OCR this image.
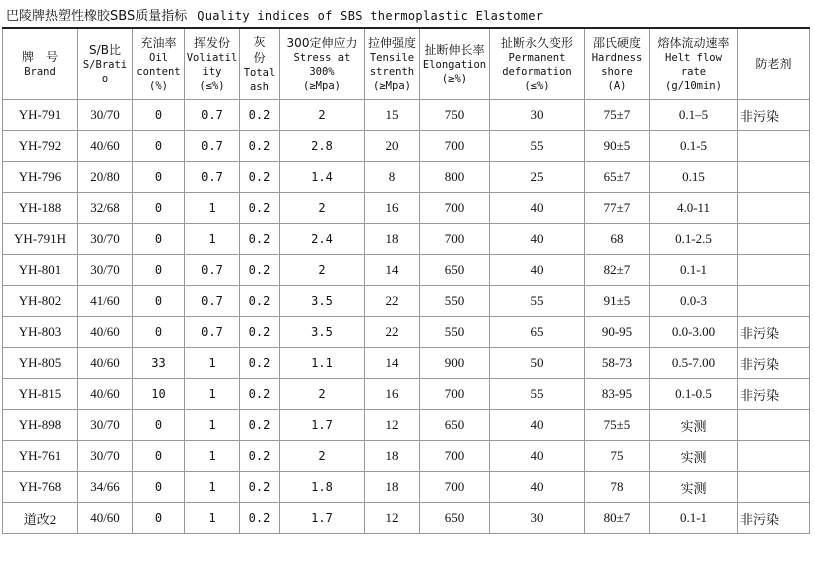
巴陵牌热塑性橡胶SBS质量指标 Quality indices of SBS thermoplastic Elastomer
牌　号
Brand	S/B比
S/Brati
o	充油率
Oil
content
(%)	挥发份
Voliatil
ity
(≤%)	灰
份
Total
ash	300定伸应力
Stress at
300%
(≥Mpa)	拉伸强度
Tensile
strenth
(≥Mpa)	扯断伸长率
Elongation
(≥%)	扯断永久变形
Permanent
deformation
(≤%)	邵氏硬度
Hardness
shore
(A)	熔体流动速率
Helt flow
rate
(g/10min)	防老剂

YH-791	30/70	0	0.7	0.2	2	15	750	30	75±7	0.1–5	非污染
YH-792	40/60	0	0.7	0.2	2.8	20	700	55	90±5	0.1-5	
YH-796	20/80	0	0.7	0.2	1.4	8	800	25	65±7	0.15	
YH-188	32/68	0	1	0.2	2	16	700	40	77±7	4.0-11	
YH-791H	30/70	0	1	0.2	2.4	18	700	40	68	0.1-2.5	
YH-801	30/70	0	0.7	0.2	2	14	650	40	82±7	0.1-1	
YH-802	41/60	0	0.7	0.2	3.5	22	550	55	91±5	0.0-3	
YH-803	40/60	0	0.7	0.2	3.5	22	550	65	90-95	0.0-3.00	非污染
YH-805	40/60	33	1	0.2	1.1	14	900	50	58-73	0.5-7.00	非污染
YH-815	40/60	10	1	0.2	2	16	700	55	83-95	0.1-0.5	非污染
YH-898	30/70	0	1	0.2	1.7	12	650	40	75±5	实测	
YH-761	30/70	0	1	0.2	2	18	700	40	75	实测	
YH-768	34/66	0	1	0.2	1.8	18	700	40	78	实测	
道改2	40/60	0	1	0.2	1.7	12	650	30	80±7	0.1-1	非污染
